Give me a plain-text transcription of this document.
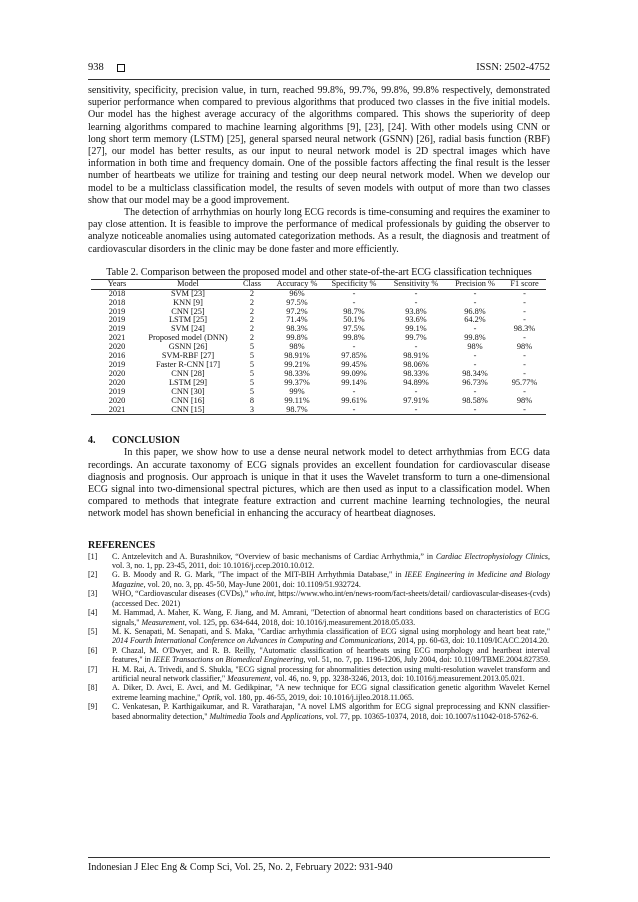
938	ISSN: 2502-4752

sensitivity, specificity, precision value, in turn, reached 99.8%, 99.7%, 99.8%, 99.8% respectively, demonstrated superior performance when compared to previous algorithms that produced two classes in the five initial models. Our model has the highest average accuracy of the algorithms compared. This shows the superiority of deep learning algorithms compared to machine learning algorithms [9], [23], [24]. With other models using CNN or long short term memory (LSTM) [25], general sparsed neural network (GSNN) [26], radial basis function (RBF) [27], our model has better results, as our input to neural network model is 2D spectral images which have information in both time and frequency domain. One of the possible factors affecting the final result is the lesser number of heartbeats we utilize for training and testing our deep neural network model. When we develop our model to be a multiclass classification model, the results of seven models with output of more than two classes show that our model may be a good improvement.

The detection of arrhythmias on hourly long ECG records is time-consuming and requires the examiner to pay close attention. It is feasible to improve the performance of medical professionals by guiding the observer to analyze noticeable anomalies using automated categorization methods. As a result, the diagnosis and treatment of cardiovascular disorders in the clinic may be done faster and more efficiently.

Table 2. Comparison between the proposed model and other state-of-the-art ECG classification techniques
Years	Model	Class	Accuracy %	Specificity %	Sensitivity %	Precision %	F1 score
2018	SVM [23]	2	96%	-	-	-	-
2018	KNN [9]	2	97.5%	-	-	-	-
2019	CNN [25]	2	97.2%	98.7%	93.8%	96.8%	-
2019	LSTM [25]	2	71.4%	50.1%	93.6%	64.2%	-
2019	SVM [24]	2	98.3%	97.5%	99.1%	-	98.3%
2021	Proposed model (DNN)	2	99.8%	99.8%	99.7%	99.8%	-
2020	GSNN [26]	5	98%	-	-	98%	98%
2016	SVM-RBF [27]	5	98.91%	97.85%	98.91%	-	-
2019	Faster R-CNN [17]	5	99.21%	99.45%	98.06%	-	-
2020	CNN [28]	5	98.33%	99.09%	98.33%	98.34%	-
2020	LSTM [29]	5	99.37%	99.14%	94.89%	96.73%	95.77%
2019	CNN [30]	5	99%	-	-	-	-
2020	CNN [16]	8	99.11%	99.61%	97.91%	98.58%	98%
2021	CNN [15]	3	98.7%	-	-	-	-
4. CONCLUSION

In this paper, we show how to use a dense neural network model to detect arrhythmias from ECG data recordings. An accurate taxonomy of ECG signals provides an excellent foundation for cardiovascular disease diagnosis and prognosis. Our approach is unique in that it uses the Wavelet transform to turn a one-dimensional ECG signal into two-dimensional spectral pictures, which are then used as input to a classification model. When compared to methods that integrate feature extraction and current machine learning technologies, the neural network model has shown beneficial in enhancing the accuracy of heartbeat diagnoses.

REFERENCES
[1] C. Antzelevitch and A. Burashnikov, “Overview of basic mechanisms of Cardiac Arrhythmia,” in Cardiac Electrophysiology Clinics, vol. 3, no. 1, pp. 23-45, 2011, doi: 10.1016/j.ccep.2010.10.012.
[2] G. B. Moody and R. G. Mark, "The impact of the MIT-BIH Arrhythmia Database," in IEEE Engineering in Medicine and Biology Magazine, vol. 20, no. 3, pp. 45-50, May-June 2001, doi: 10.1109/51.932724.
[3] WHO, “Cardiovascular diseases (CVDs),” who.int, https://www.who.int/en/news-room/fact-sheets/detail/ cardiovascular-diseases-(cvds) (accessed Dec. 2021)
[4] M. Hammad, A. Maher, K. Wang, F. Jiang, and M. Amrani, "Detection of abnormal heart conditions based on characteristics of ECG signals," Measurement, vol. 125, pp. 634-644, 2018, doi: 10.1016/j.measurement.2018.05.033.
[5] M. K. Senapati, M. Senapati, and S. Maka, "Cardiac arrhythmia classification of ECG signal using morphology and heart beat rate," 2014 Fourth International Conference on Advances in Computing and Communications, 2014, pp. 60-63, doi: 10.1109/ICACC.2014.20.
[6] P. Chazal, M. O'Dwyer, and R. B. Reilly, "Automatic classification of heartbeats using ECG morphology and heartbeat interval features," in IEEE Transactions on Biomedical Engineering, vol. 51, no. 7, pp. 1196-1206, July 2004, doi: 10.1109/TBME.2004.827359.
[7] H. M. Rai, A. Trivedi, and S. Shukla, "ECG signal processing for abnormalities detection using multi-resolution wavelet transform and artificial neural network classifier," Measurement, vol. 46, no. 9, pp. 3238-3246, 2013, doi: 10.1016/j.measurement.2013.05.021.
[8] A. Diker, D. Avci, E. Avci, and M. Gedikpinar, "A new technique for ECG signal classification genetic algorithm Wavelet Kernel extreme learning machine," Optik, vol. 180, pp. 46-55, 2019, doi: 10.1016/j.ijleo.2018.11.065.
[9] C. Venkatesan, P. Karthigaikumar, and R. Varatharajan, "A novel LMS algorithm for ECG signal preprocessing and KNN classifier-based abnormality detection," Multimedia Tools and Applications, vol. 77, pp. 10365-10374, 2018, doi: 10.1007/s11042-018-5762-6.
Indonesian J Elec Eng & Comp Sci, Vol. 25, No. 2, February 2022: 931-940
